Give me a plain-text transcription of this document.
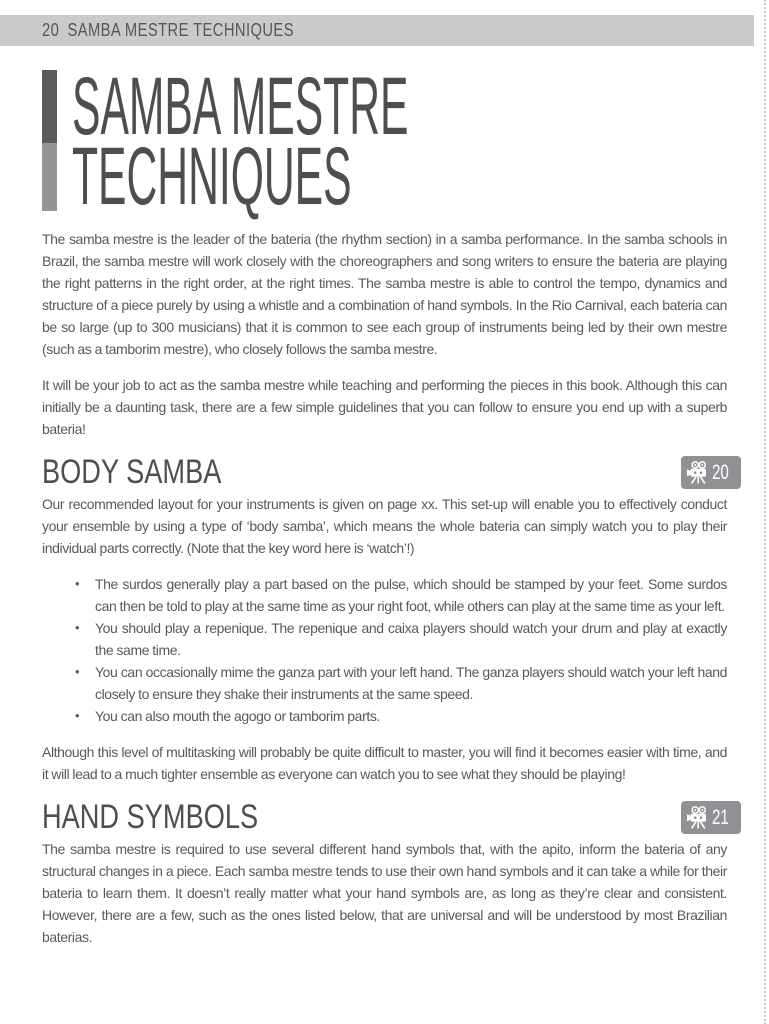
20 SAMBA MESTRE TECHNIQUES
SAMBA MESTRE
TECHNIQUES

The samba mestre is the leader of the bateria (the rhythm section) in a samba performance. In the samba schools in Brazil, the samba mestre will work closely with the choreographers and song writers to ensure the bateria are playing the right patterns in the right order, at the right times. The samba mestre is able to control the tempo, dynamics and structure of a piece purely by using a whistle and a combination of hand symbols. In the Rio Carnival, each bateria can be so large (up to 300 musicians) that it is common to see each group of instruments being led by their own mestre (such as a tamborim mestre), who closely follows the samba mestre.

It will be your job to act as the samba mestre while teaching and performing the pieces in this book. Although this can initially be a daunting task, there are a few simple guidelines that you can follow to ensure you end up with a superb bateria!

BODY SAMBA	20

Our recommended layout for your instruments is given on page xx. This set-up will enable you to effectively conduct your ensemble by using a type of ‘body samba’, which means the whole bateria can simply watch you to play their individual parts correctly. (Note that the key word here is ‘watch’!)

• The surdos generally play a part based on the pulse, which should be stamped by your feet. Some surdos can then be told to play at the same time as your right foot, while others can play at the same time as your left.
• You should play a repenique. The repenique and caixa players should watch your drum and play at exactly the same time.
• You can occasionally mime the ganza part with your left hand. The ganza players should watch your left hand closely to ensure they shake their instruments at the same speed.
• You can also mouth the agogo or tamborim parts.

Although this level of multitasking will probably be quite difficult to master, you will find it becomes easier with time, and it will lead to a much tighter ensemble as everyone can watch you to see what they should be playing!

HAND SYMBOLS	21

The samba mestre is required to use several different hand symbols that, with the apito, inform the bateria of any structural changes in a piece. Each samba mestre tends to use their own hand symbols and it can take a while for their bateria to learn them. It doesn’t really matter what your hand symbols are, as long as they’re clear and consistent. However, there are a few, such as the ones listed below, that are universal and will be understood by most Brazilian baterias.
